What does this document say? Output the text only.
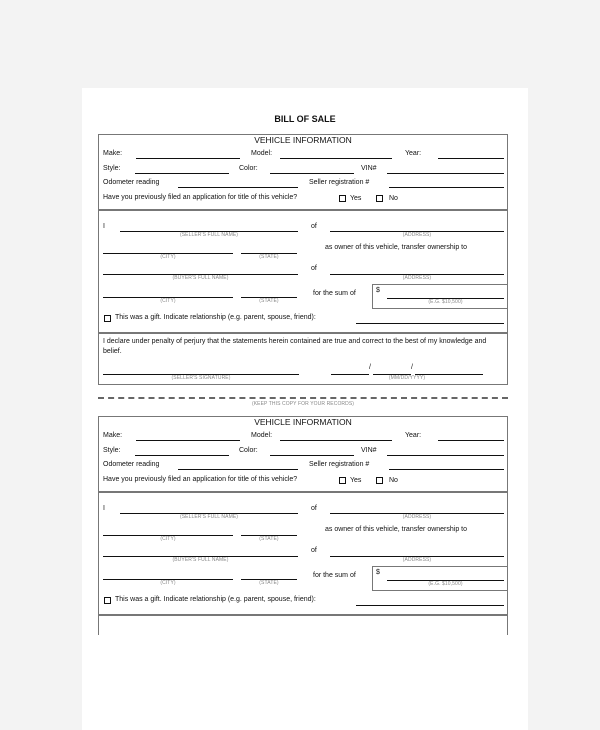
BILL OF SALE
VEHICLE INFORMATION
Make:	Model:	Year:
Style:	Color:	VIN#
Odometer reading	Seller registration #
Have you previously filed an application for title of this vehicle?	Yes	No
I
(SELLER'S FULL NAME)
of
(ADDRESS)
(CITY)	(STATE)
as owner of this vehicle, transfer ownership to
(BUYER'S FULL NAME)
of
(ADDRESS)
(CITY)	(STATE)
for the sum of	$
(E.G. $10,500)
This was a gift. Indicate relationship (e.g. parent, spouse, friend):
I declare under penalty of perjury that the statements herein contained are true and correct to the best of my knowledge and belief.
(SELLER'S SIGNATURE)
/	/
(MM/DD/YYYY)
(KEEP THIS COPY FOR YOUR RECORDS)
VEHICLE INFORMATION
Make:	Model:	Year:
Style:	Color:	VIN#
Odometer reading	Seller registration #
Have you previously filed an application for title of this vehicle?	Yes	No
I
(SELLER'S FULL NAME)
of
(ADDRESS)
(CITY)	(STATE)
as owner of this vehicle, transfer ownership to
(BUYER'S FULL NAME)
of
(ADDRESS)
(CITY)	(STATE)
for the sum of	$
(E.G. $10,500)
This was a gift. Indicate relationship (e.g. parent, spouse, friend):
